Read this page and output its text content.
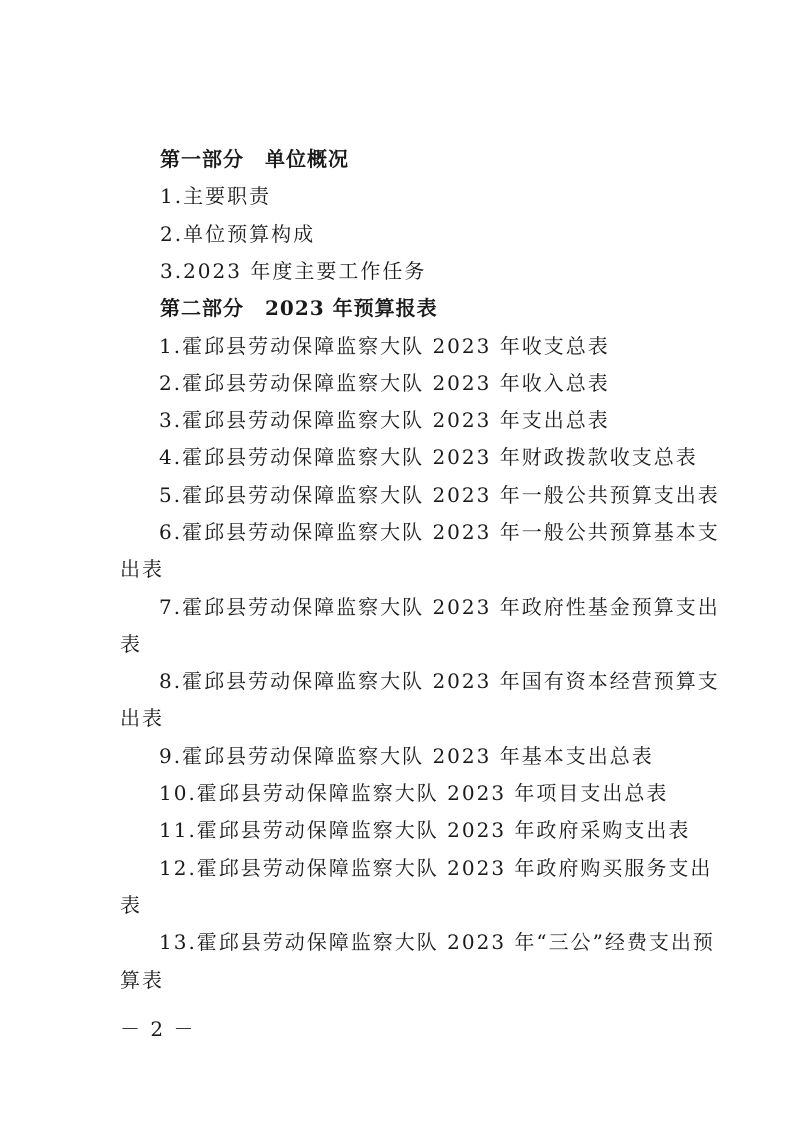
第一部分　单位概况
1.主要职责
2.单位预算构成
3.2023 年度主要工作任务
第二部分　2023 年预算报表
1.霍邱县劳动保障监察大队 2023 年收支总表
2.霍邱县劳动保障监察大队 2023 年收入总表
3.霍邱县劳动保障监察大队 2023 年支出总表
4.霍邱县劳动保障监察大队 2023 年财政拨款收支总表
5.霍邱县劳动保障监察大队 2023 年一般公共预算支出表
6.霍邱县劳动保障监察大队 2023 年一般公共预算基本支
出表
7.霍邱县劳动保障监察大队 2023 年政府性基金预算支出
表
8.霍邱县劳动保障监察大队 2023 年国有资本经营预算支
出表
9.霍邱县劳动保障监察大队 2023 年基本支出总表
10.霍邱县劳动保障监察大队 2023 年项目支出总表
11.霍邱县劳动保障监察大队 2023 年政府采购支出表
12.霍邱县劳动保障监察大队 2023 年政府购买服务支出
表
13.霍邱县劳动保障监察大队 2023 年“三公”经费支出预
算表
－ 2 －
